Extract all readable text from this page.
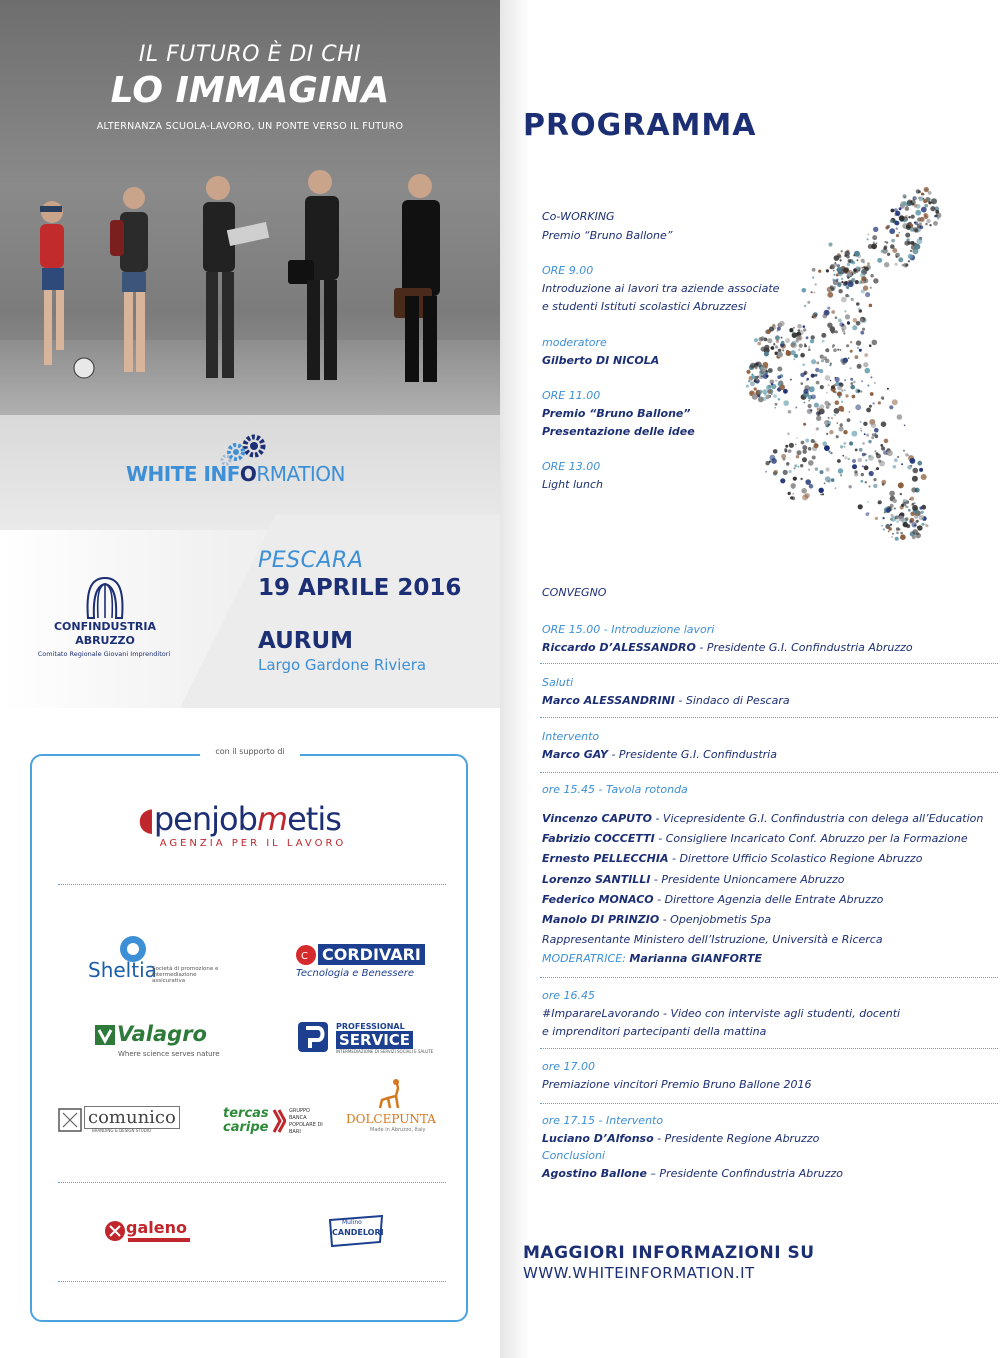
IL FUTURO È DI CHI
LO IMMAGINA
ALTERNANZA SCUOLA-LAVORO, UN PONTE VERSO IL FUTURO
WHITE INFORMATION
CONFINDUSTRIA
ABRUZZO
Comitato Regionale Giovani Imprenditori
PESCARA
19 APRILE 2016
AURUM
Largo Gardone Riviera
con il supporto di
◖penjobmetis
AGENZIA PER IL LAVORO
Sheltia
Società di promozione e intermediazione assicurativa
C CORDIVARI
Tecnologia e Benessere
Valagro
Where science serves nature
PROFESSIONAL
SERVICE
INTERMEDIAZIONE DI SERVIZI SOCIALI E SALUTE
comunico
BRANDING & DESIGN STUDIO
tercas
caripe
GRUPPO BANCA POPOLARE DI BARI
DOLCEPUNTA
Made in Abruzzo, Italy
galeno	Mulino
CANDELORI
PROGRAMMA
Co-WORKING
Premio “Bruno Ballone”
ORE 9.00
Introduzione ai lavori tra aziende associate
e studenti Istituti scolastici Abruzzesi
moderatore
Gilberto DI NICOLA
ORE 11.00
Premio “Bruno Ballone”
Presentazione delle idee
ORE 13.00
Light lunch
CONVEGNO
ORE 15.00 - Introduzione lavori
Riccardo D’ALESSANDRO - Presidente G.I. Confindustria Abruzzo
Saluti
Marco ALESSANDRINI - Sindaco di Pescara
Intervento
Marco GAY - Presidente G.I. Confindustria
ore 15.45 - Tavola rotonda
Vincenzo CAPUTO - Vicepresidente G.I. Confindustria con delega all’Education
Fabrizio COCCETTI - Consigliere Incaricato Conf. Abruzzo per la Formazione
Ernesto PELLECCHIA - Direttore Ufficio Scolastico Regione Abruzzo
Lorenzo SANTILLI - Presidente Unioncamere Abruzzo
Federico MONACO - Direttore Agenzia delle Entrate Abruzzo
Manolo DI PRINZIO - Openjobmetis Spa
Rappresentante Ministero dell’Istruzione, Università e Ricerca
MODERATRICE: Marianna GIANFORTE
ore 16.45
#ImparareLavorando - Video con interviste agli studenti, docenti
e imprenditori partecipanti della mattina
ore 17.00
Premiazione vincitori Premio Bruno Ballone 2016
ore 17.15 - Intervento
Luciano D’Alfonso - Presidente Regione Abruzzo
Conclusioni
Agostino Ballone – Presidente Confindustria Abruzzo
MAGGIORI INFORMAZIONI SU
WWW.WHITEINFORMATION.IT
